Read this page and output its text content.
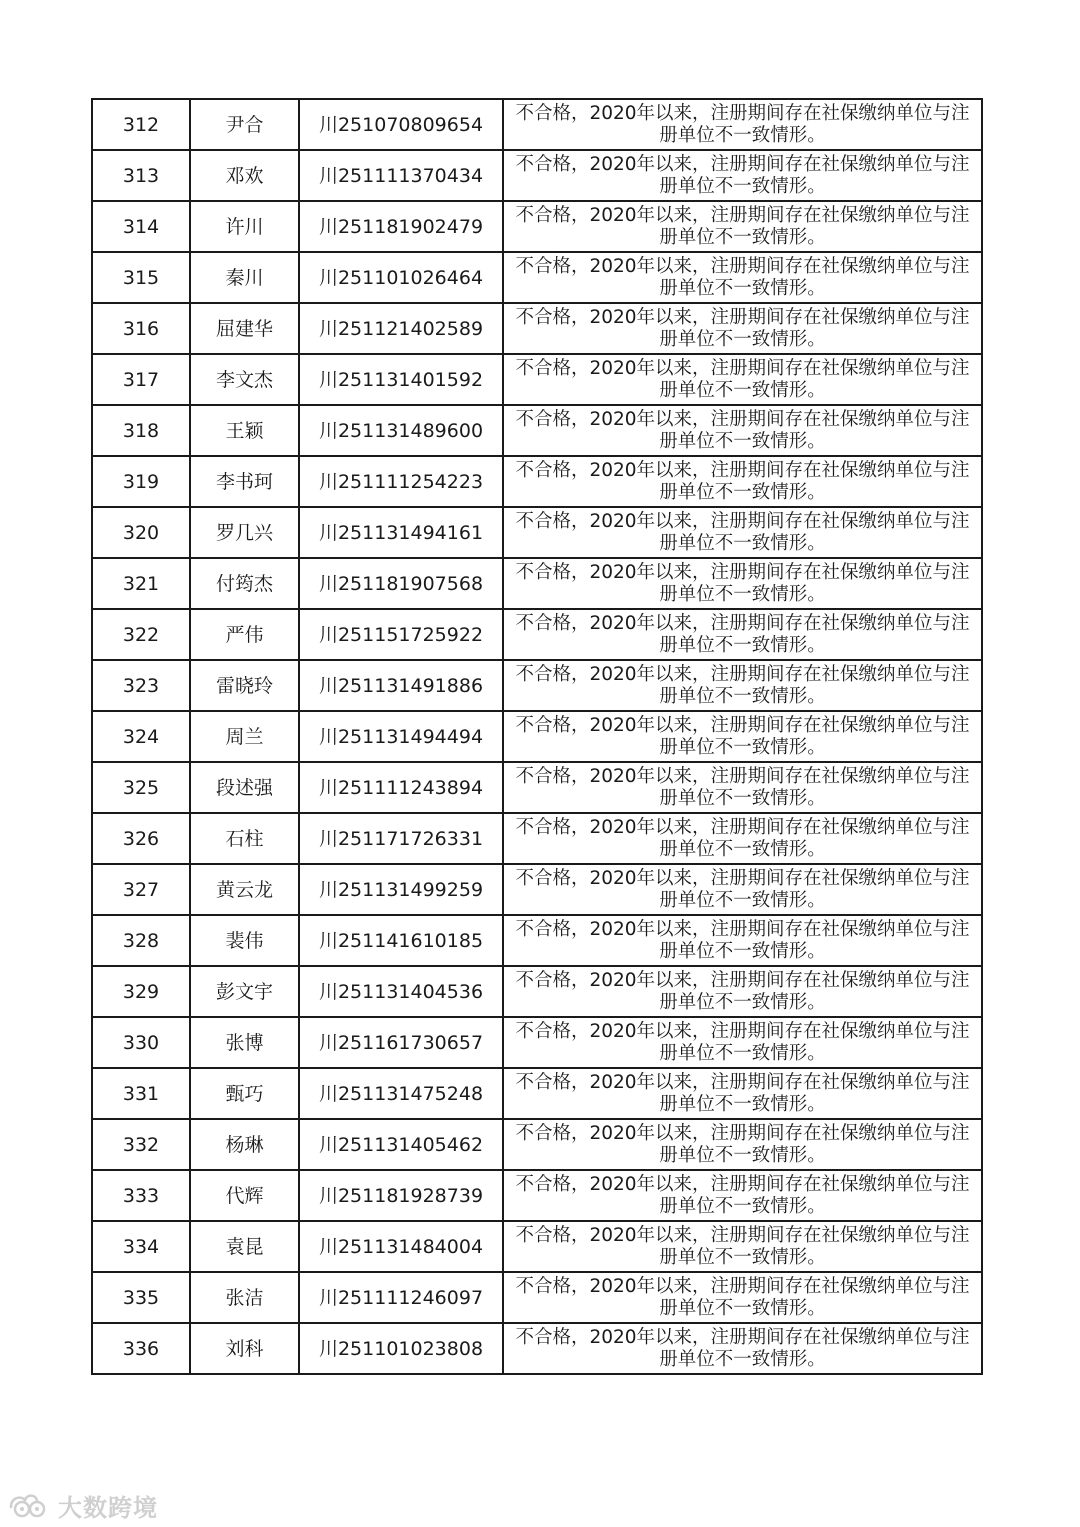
312	尹合	川251070809654	不合格，2020年以来，注册期间存在社保缴纳单位与注册单位不一致情形。
313	邓欢	川251111370434	不合格，2020年以来，注册期间存在社保缴纳单位与注册单位不一致情形。
314	许川	川251181902479	不合格，2020年以来，注册期间存在社保缴纳单位与注册单位不一致情形。
315	秦川	川251101026464	不合格，2020年以来，注册期间存在社保缴纳单位与注册单位不一致情形。
316	屈建华	川251121402589	不合格，2020年以来，注册期间存在社保缴纳单位与注册单位不一致情形。
317	李文杰	川251131401592	不合格，2020年以来，注册期间存在社保缴纳单位与注册单位不一致情形。
318	王颖	川251131489600	不合格，2020年以来，注册期间存在社保缴纳单位与注册单位不一致情形。
319	李书珂	川251111254223	不合格，2020年以来，注册期间存在社保缴纳单位与注册单位不一致情形。
320	罗几兴	川251131494161	不合格，2020年以来，注册期间存在社保缴纳单位与注册单位不一致情形。
321	付筠杰	川251181907568	不合格，2020年以来，注册期间存在社保缴纳单位与注册单位不一致情形。
322	严伟	川251151725922	不合格，2020年以来，注册期间存在社保缴纳单位与注册单位不一致情形。
323	雷晓玲	川251131491886	不合格，2020年以来，注册期间存在社保缴纳单位与注册单位不一致情形。
324	周兰	川251131494494	不合格，2020年以来，注册期间存在社保缴纳单位与注册单位不一致情形。
325	段述强	川251111243894	不合格，2020年以来，注册期间存在社保缴纳单位与注册单位不一致情形。
326	石柱	川251171726331	不合格，2020年以来，注册期间存在社保缴纳单位与注册单位不一致情形。
327	黄云龙	川251131499259	不合格，2020年以来，注册期间存在社保缴纳单位与注册单位不一致情形。
328	裴伟	川251141610185	不合格，2020年以来，注册期间存在社保缴纳单位与注册单位不一致情形。
329	彭文宇	川251131404536	不合格，2020年以来，注册期间存在社保缴纳单位与注册单位不一致情形。
330	张博	川251161730657	不合格，2020年以来，注册期间存在社保缴纳单位与注册单位不一致情形。
331	甄巧	川251131475248	不合格，2020年以来，注册期间存在社保缴纳单位与注册单位不一致情形。
332	杨琳	川251131405462	不合格，2020年以来，注册期间存在社保缴纳单位与注册单位不一致情形。
333	代辉	川251181928739	不合格，2020年以来，注册期间存在社保缴纳单位与注册单位不一致情形。
334	袁昆	川251131484004	不合格，2020年以来，注册期间存在社保缴纳单位与注册单位不一致情形。
335	张洁	川251111246097	不合格，2020年以来，注册期间存在社保缴纳单位与注册单位不一致情形。
336	刘科	川251101023808	不合格，2020年以来，注册期间存在社保缴纳单位与注册单位不一致情形。
大数跨境
